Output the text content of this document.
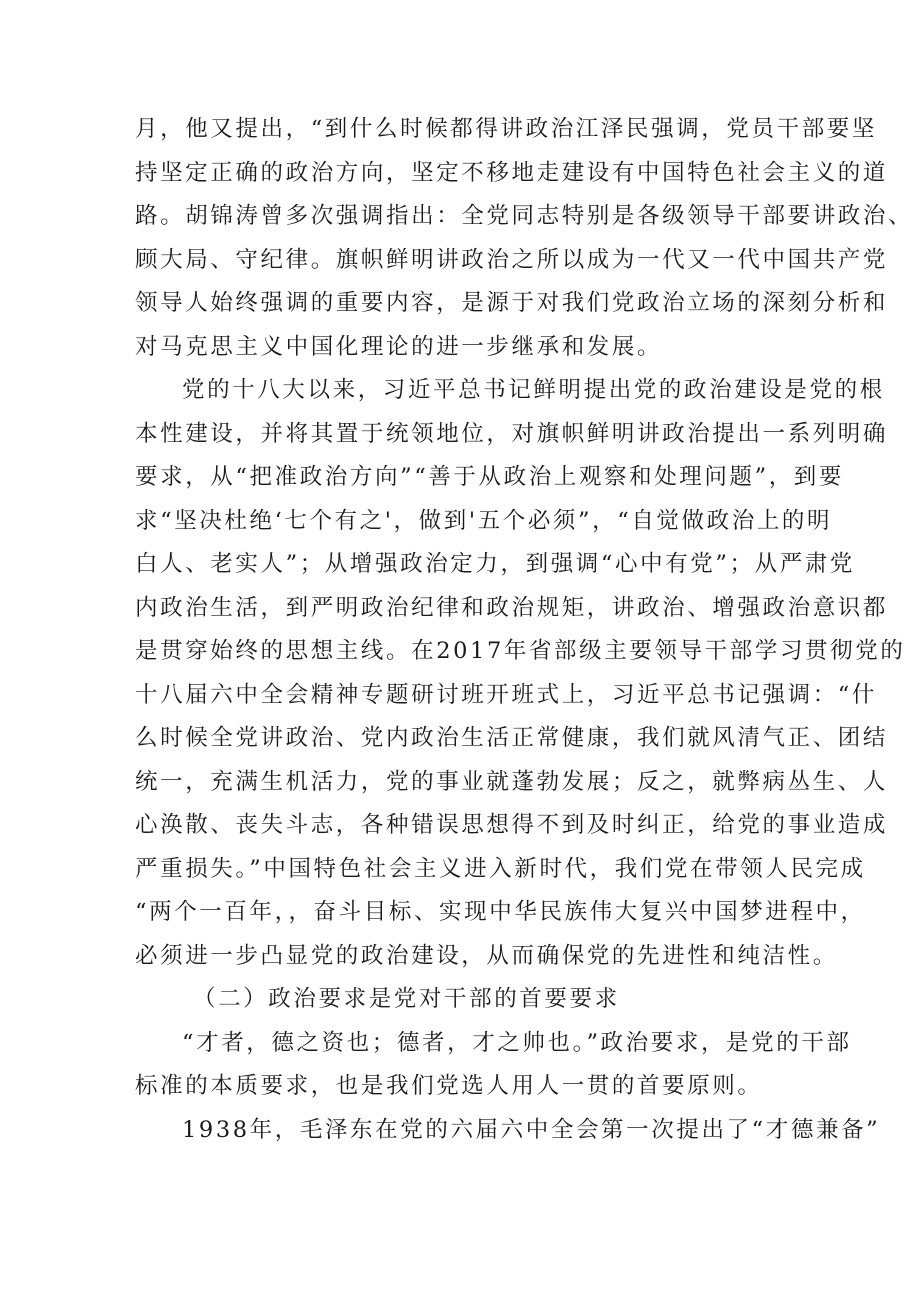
月，他又提出，“到什么时候都得讲政治江泽民强调，党员干部要坚
持坚定正确的政治方向，坚定不移地走建设有中国特色社会主义的道
路。胡锦涛曾多次强调指出：全党同志特别是各级领导干部要讲政治、
顾大局、守纪律。旗帜鲜明讲政治之所以成为一代又一代中国共产党
领导人始终强调的重要内容，是源于对我们党政治立场的深刻分析和
对马克思主义中国化理论的进一步继承和发展。
党的十八大以来，习近平总书记鲜明提出党的政治建设是党的根
本性建设，并将其置于统领地位，对旗帜鲜明讲政治提出一系列明确
要求，从“把准政治方向”“善于从政治上观察和处理问题”，到要
求“坚决杜绝‘七个有之'，做到'五个必须”，“自觉做政治上的明
白人、老实人”；从增强政治定力，到强调“心中有党”；从严肃党
内政治生活，到严明政治纪律和政治规矩，讲政治、增强政治意识都
是贯穿始终的思想主线。在2017年省部级主要领导干部学习贯彻党的
十八届六中全会精神专题研讨班开班式上，习近平总书记强调：“什
么时候全党讲政治、党内政治生活正常健康，我们就风清气正、团结
统一，充满生机活力，党的事业就蓬勃发展；反之，就弊病丛生、人
心涣散、丧失斗志，各种错误思想得不到及时纠正，给党的事业造成
严重损失。”中国特色社会主义进入新时代，我们党在带领人民完成
“两个一百年，，奋斗目标、实现中华民族伟大复兴中国梦进程中，
必须进一步凸显党的政治建设，从而确保党的先进性和纯洁性。
（二）政治要求是党对干部的首要要求
“才者，德之资也；德者，才之帅也。”政治要求，是党的干部
标准的本质要求，也是我们党选人用人一贯的首要原则。
1938年，毛泽东在党的六届六中全会第一次提出了“才德兼备”
